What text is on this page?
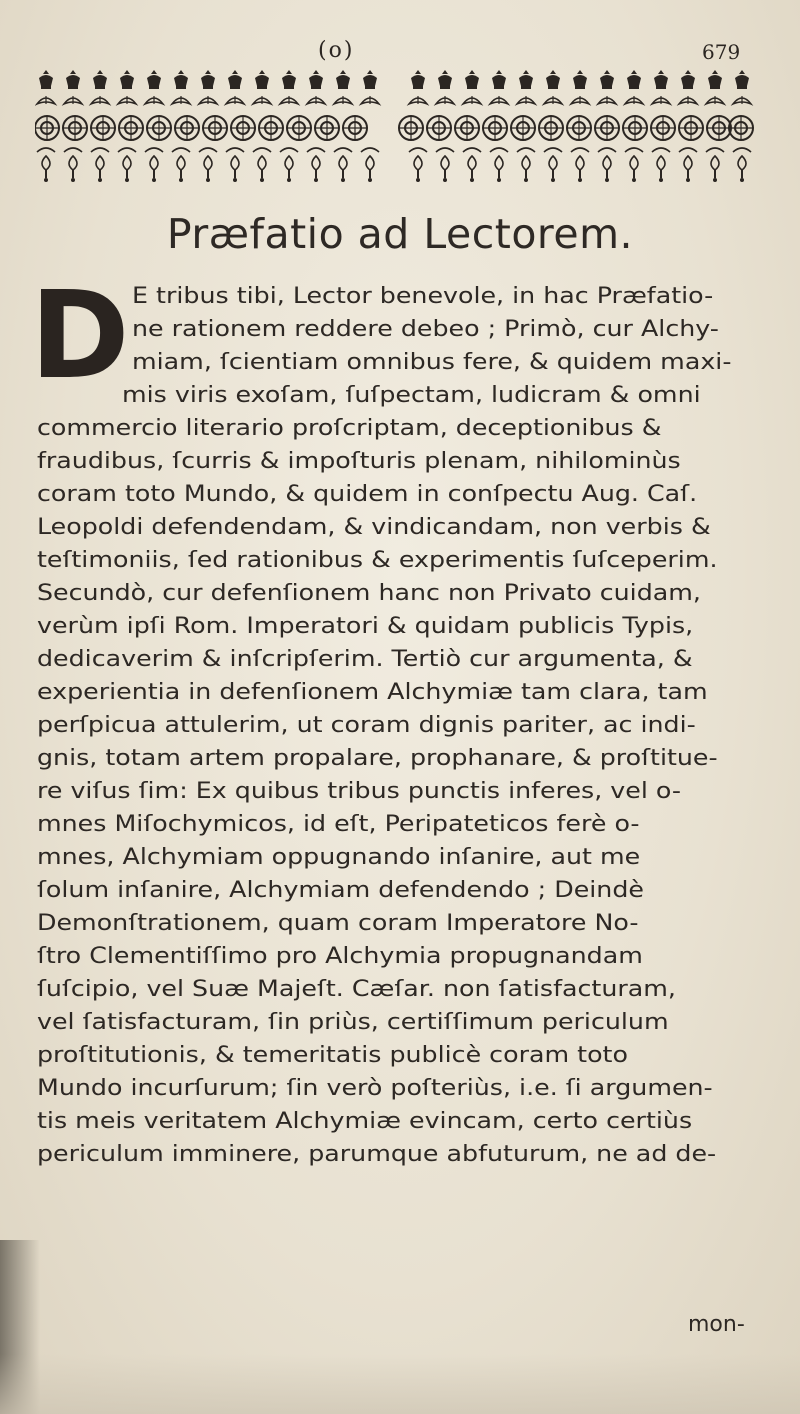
(o)	679
Præfatio ad Lectorem.
D E tribus tibi, Lector benevole, in hac Præfatio-
ne rationem reddere debeo ; Primò, cur Alchy-
miam, ſcientiam omnibus fere, & quidem maxi-
mis viris exoſam, ſuſpectam, ludicram & omni
commercio literario proſcriptam, deceptionibus &
fraudibus, ſcurris & impoſturis plenam, nihilominùs
coram toto Mundo, & quidem in conſpectu Aug. Caſ.
Leopoldi defendendam, & vindicandam, non verbis &
teſtimoniis, ſed rationibus & experimentis ſuſceperim.
Secundò, cur defenſionem hanc non Privato cuidam,
verùm ipſi Rom. Imperatori & quidam publicis Typis,
dedicaverim & inſcripſerim. Tertiò cur argumenta, &
experientia in defenſionem Alchymiæ tam clara, tam
perſpicua attulerim, ut coram dignis pariter, ac indi-
gnis, totam artem propalare, prophanare, & proſtitue-
re viſus ſim: Ex quibus tribus punctis inferes, vel o-
mnes Miſochymicos, id eſt, Peripateticos ferè o-
mnes, Alchymiam oppugnando inſanire, aut me
ſolum inſanire, Alchymiam defendendo ; Deindè
Demonſtrationem, quam coram Imperatore No-
ſtro Clementiſſimo pro Alchymia propugnandam
ſuſcipio, vel Suæ Majeſt. Cæſar. non ſatisfacturam,
vel ſatisfacturam, ſin priùs, certiſſimum periculum
proſtitutionis, & temeritatis publicè coram toto
Mundo incurſurum; ſin verò poſteriùs, i.e. ſi argumen-
tis meis veritatem Alchymiæ evincam, certo certiùs
periculum imminere, parumque abfuturum, ne ad de-
mon-
